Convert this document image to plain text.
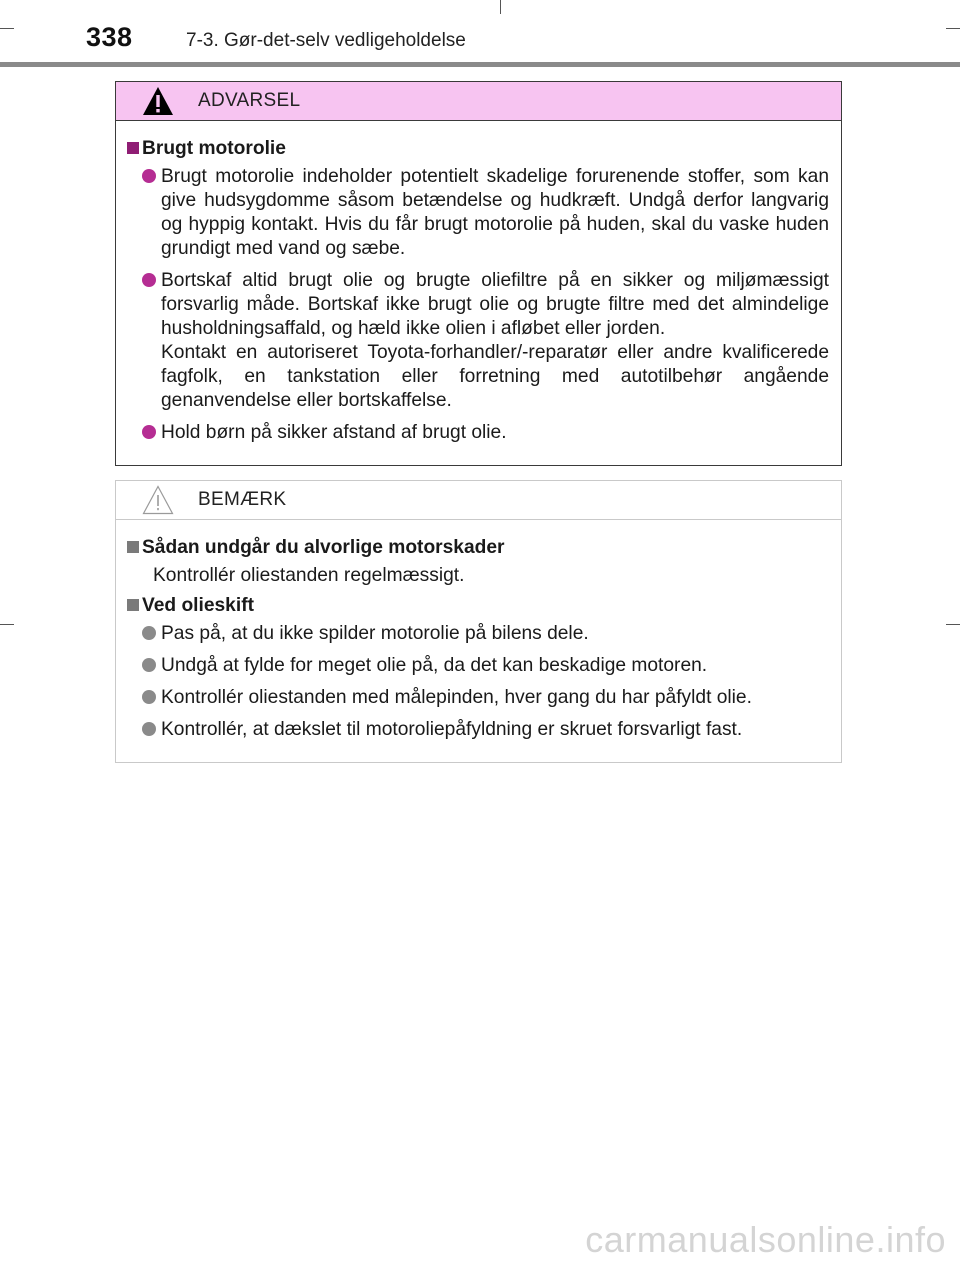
338	7-3. Gør-det-selv vedligeholdelse
ADVARSEL
Brugt motorolie
Brugt motorolie indeholder potentielt skadelige forurenende stoffer, som kan give hudsygdomme såsom betændelse og hudkræft. Undgå derfor langvarig og hyppig kontakt. Hvis du får brugt motorolie på huden, skal du vaske huden grundigt med vand og sæbe.

Bortskaf altid brugt olie og brugte oliefiltre på en sikker og miljømæssigt forsvarlig måde. Bortskaf ikke brugt olie og brugte filtre med det almindelige husholdningsaffald, og hæld ikke olien i afløbet eller jorden.

Kontakt en autoriseret Toyota-forhandler/-reparatør eller andre kvalificerede fagfolk, en tankstation eller forretning med autotilbehør angående genanvendelse eller bortskaffelse.

Hold børn på sikker afstand af brugt olie.
BEMÆRK
Sådan undgår du alvorlige motorskader
Kontrollér oliestanden regelmæssigt.
Ved olieskift
Pas på, at du ikke spilder motorolie på bilens dele.
Undgå at fylde for meget olie på, da det kan beskadige motoren.
Kontrollér oliestanden med målepinden, hver gang du har påfyldt olie.
Kontrollér, at dækslet til motoroliepåfyldning er skruet forsvarligt fast.
carmanualsonline.info
